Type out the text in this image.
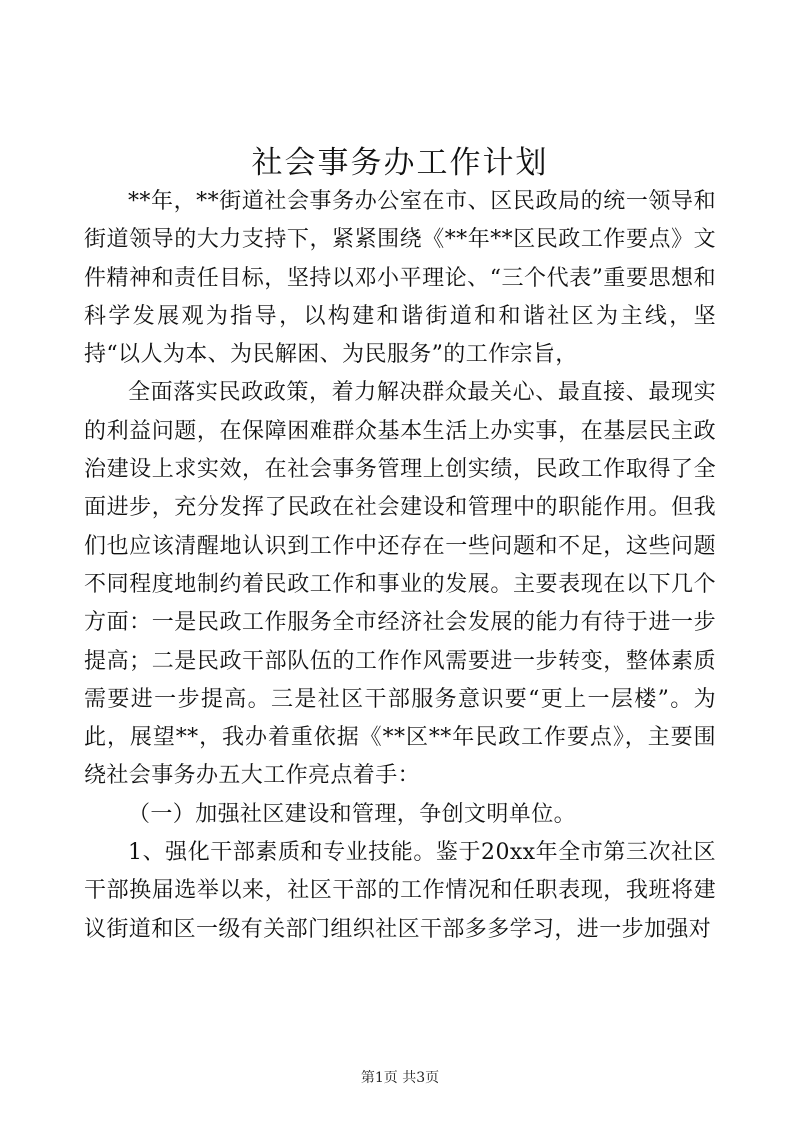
社会事务办工作计划

**年，**街道社会事务办公室在市、区民政局的统一领导和街道领导的大力支持下，紧紧围绕《**年**区民政工作要点》文件精神和责任目标，坚持以邓小平理论、“三个代表”重要思想和科学发展观为指导，以构建和谐街道和和谐社区为主线，坚持“以人为本、为民解困、为民服务”的工作宗旨，

全面落实民政政策，着力解决群众最关心、最直接、最现实的利益问题，在保障困难群众基本生活上办实事，在基层民主政治建设上求实效，在社会事务管理上创实绩，民政工作取得了全面进步，充分发挥了民政在社会建设和管理中的职能作用。但我们也应该清醒地认识到工作中还存在一些问题和不足，这些问题不同程度地制约着民政工作和事业的发展。主要表现在以下几个方面：一是民政工作服务全市经济社会发展的能力有待于进一步提高；二是民政干部队伍的工作作风需要进一步转变，整体素质需要进一步提高。三是社区干部服务意识要“更上一层楼”。为此，展望**，我办着重依据《**区**年民政工作要点》，主要围绕社会事务办五大工作亮点着手：

（一）加强社区建设和管理，争创文明单位。

1、强化干部素质和专业技能。鉴于20xx年全市第三次社区干部换届选举以来，社区干部的工作情况和任职表现，我班将建议街道和区一级有关部门组织社区干部多多学习，进一步加强对

第1页 共3页
